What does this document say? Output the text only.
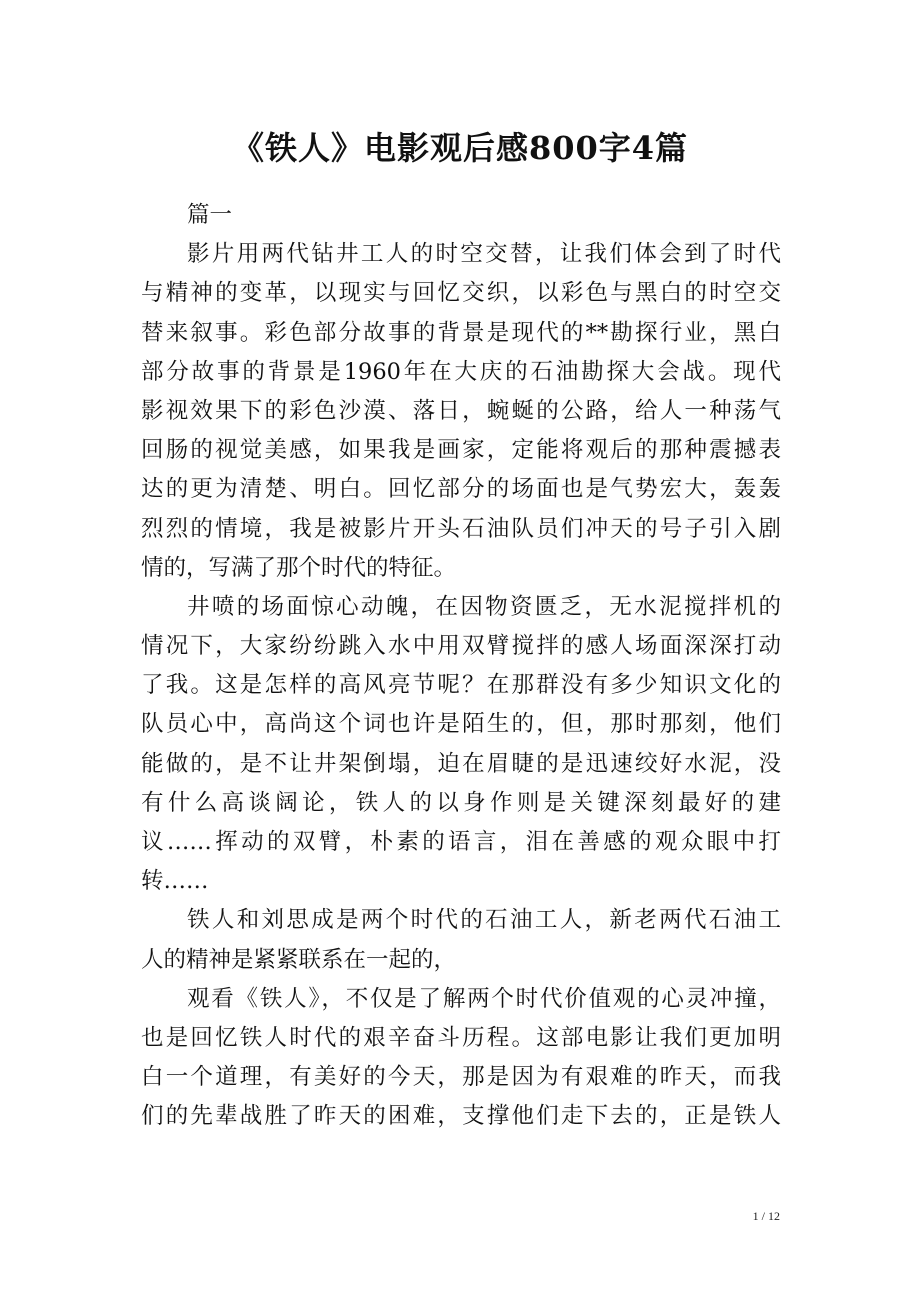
《铁人》电影观后感800字4篇
篇一
影片用两代钻井工人的时空交替，让我们体会到了时代
与精神的变革，以现实与回忆交织，以彩色与黑白的时空交
替来叙事。彩色部分故事的背景是现代的**勘探行业，黑白
部分故事的背景是1960年在大庆的石油勘探大会战。现代
影视效果下的彩色沙漠、落日，蜿蜒的公路，给人一种荡气
回肠的视觉美感，如果我是画家，定能将观后的那种震撼表
达的更为清楚、明白。回忆部分的场面也是气势宏大，轰轰
烈烈的情境，我是被影片开头石油队员们冲天的号子引入剧
情的，写满了那个时代的特征。
井喷的场面惊心动魄，在因物资匮乏，无水泥搅拌机的
情况下，大家纷纷跳入水中用双臂搅拌的感人场面深深打动
了我。这是怎样的高风亮节呢？在那群没有多少知识文化的
队员心中，高尚这个词也许是陌生的，但，那时那刻，他们
能做的，是不让井架倒塌，迫在眉睫的是迅速绞好水泥，没
有什么高谈阔论，铁人的以身作则是关键深刻最好的建
议……挥动的双臂，朴素的语言，泪在善感的观众眼中打
转……
铁人和刘思成是两个时代的石油工人，新老两代石油工
人的精神是紧紧联系在一起的，
观看《铁人》，不仅是了解两个时代价值观的心灵冲撞，
也是回忆铁人时代的艰辛奋斗历程。这部电影让我们更加明
白一个道理，有美好的今天，那是因为有艰难的昨天，而我
们的先辈战胜了昨天的困难，支撑他们走下去的，正是铁人
1 / 12
